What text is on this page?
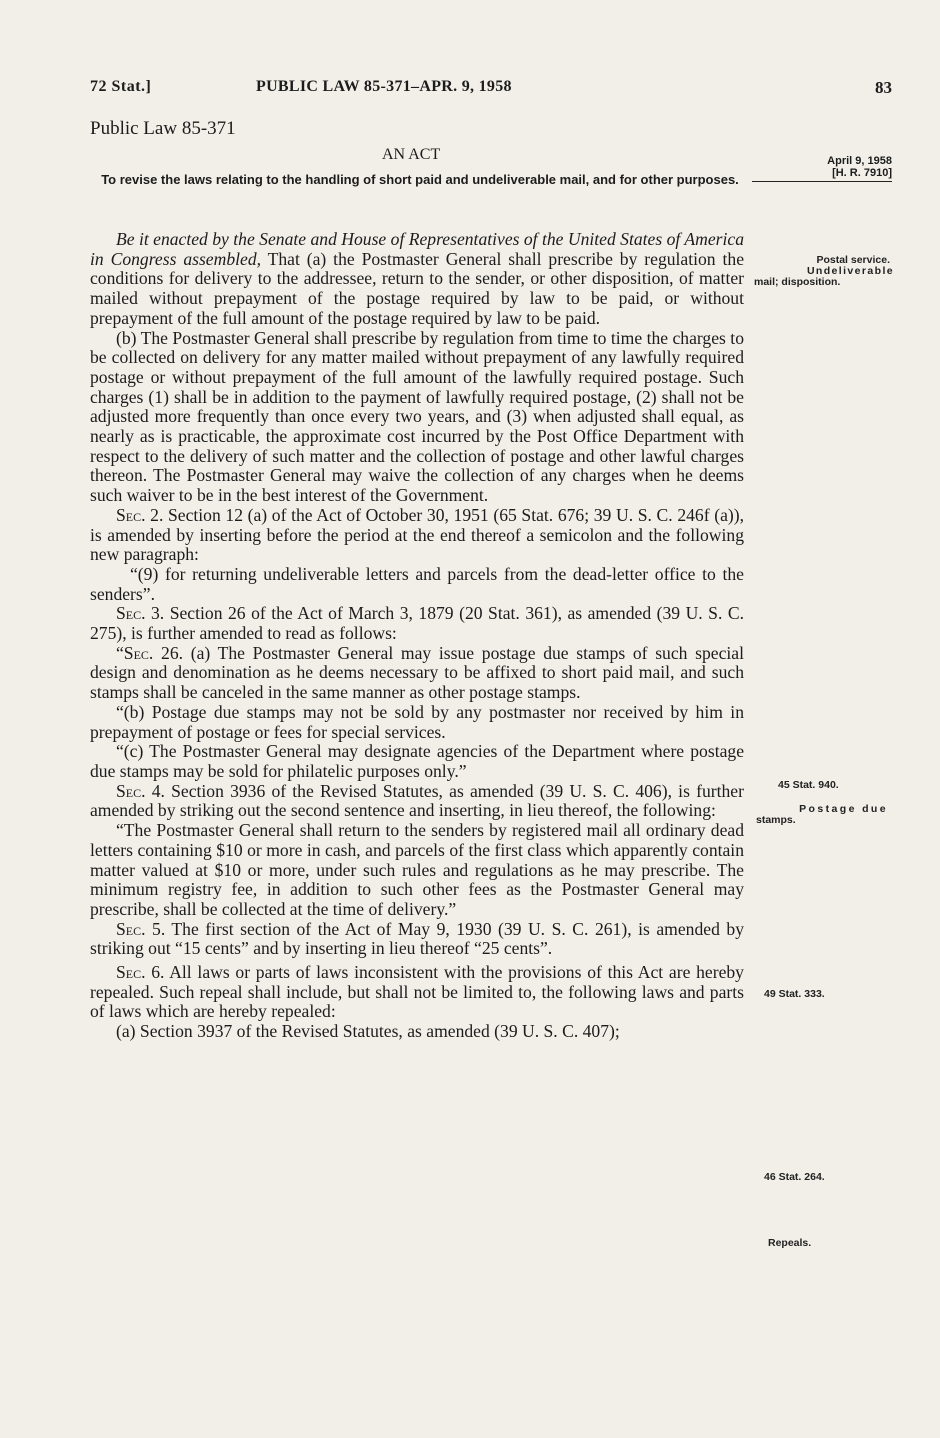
72 Stat.]	PUBLIC LAW 85-371–APR. 9, 1958	83
Public Law 85-371
AN ACT
To revise the laws relating to the handling of short paid and undeliverable mail, and for other purposes.
April 9, 1958
[H. R. 7910]

Be it enacted by the Senate and House of Representatives of the United States of America in Congress assembled, That (a) the Postmaster General shall prescribe by regulation the conditions for delivery to the addressee, return to the sender, or other disposition, of matter mailed without prepayment of the postage required by law to be paid, or without prepayment of the full amount of the postage required by law to be paid.

(b) The Postmaster General shall prescribe by regulation from time to time the charges to be collected on delivery for any matter mailed without prepayment of any lawfully required postage or without prepayment of the full amount of the lawfully required postage. Such charges (1) shall be in addition to the payment of lawfully required postage, (2) shall not be adjusted more frequently than once every two years, and (3) when adjusted shall equal, as nearly as is practicable, the approximate cost incurred by the Post Office Department with respect to the delivery of such matter and the collection of postage and other lawful charges thereon. The Postmaster General may waive the collection of any charges when he deems such waiver to be in the best interest of the Government.

Sec. 2. Section 12 (a) of the Act of October 30, 1951 (65 Stat. 676; 39 U. S. C. 246f (a)), is amended by inserting before the period at the end thereof a semicolon and the following new paragraph:

“(9) for returning undeliverable letters and parcels from the dead-letter office to the senders”.

Sec. 3. Section 26 of the Act of March 3, 1879 (20 Stat. 361), as amended (39 U. S. C. 275), is further amended to read as follows:

“Sec. 26. (a) The Postmaster General may issue postage due stamps of such special design and denomination as he deems necessary to be affixed to short paid mail, and such stamps shall be canceled in the same manner as other postage stamps.

“(b) Postage due stamps may not be sold by any postmaster nor received by him in prepayment of postage or fees for special services.

“(c) The Postmaster General may designate agencies of the Department where postage due stamps may be sold for philatelic purposes only.”

Sec. 4. Section 3936 of the Revised Statutes, as amended (39 U. S. C. 406), is further amended by striking out the second sentence and inserting, in lieu thereof, the following:

“The Postmaster General shall return to the senders by registered mail all ordinary dead letters containing $10 or more in cash, and parcels of the first class which apparently contain matter valued at $10 or more, under such rules and regulations as he may prescribe. The minimum registry fee, in addition to such other fees as the Postmaster General may prescribe, shall be collected at the time of delivery.”

Sec. 5. The first section of the Act of May 9, 1930 (39 U. S. C. 261), is amended by striking out “15 cents” and by inserting in lieu thereof “25 cents”.

Sec. 6. All laws or parts of laws inconsistent with the provisions of this Act are hereby repealed. Such repeal shall include, but shall not be limited to, the following laws and parts of laws which are hereby repealed:

(a) Section 3937 of the Revised Statutes, as amended (39 U. S. C. 407);

Postal service.
Undeliverable
mail; disposition.
45 Stat. 940.
Postage due
stamps.
49 Stat. 333.
46 Stat. 264.
Repeals.
